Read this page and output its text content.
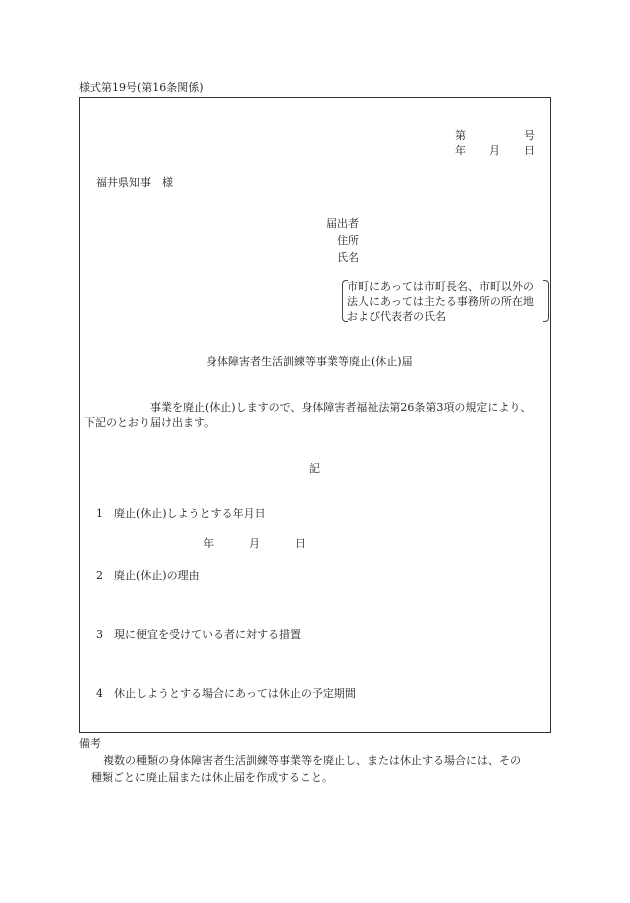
様式第19号(第16条関係)
第	号
年 月 日
福井県知事　様
届出者
住所
氏名
市町にあっては市町長名、市町以外の
法人にあっては主たる事務所の所在地
および代表者の氏名
身体障害者生活訓練等事業等廃止(休止)届
事業を廃止(休止)しますので、身体障害者福祉法第26条第3項の規定により、
下記のとおり届け出ます。
記
1 廃止(休止)しようとする年月日
年	月	日
2 廃止(休止)の理由
3 現に便宜を受けている者に対する措置
4 休止しようとする場合にあっては休止の予定期間
備考
複数の種類の身体障害者生活訓練等事業等を廃止し、または休止する場合には、その
種類ごとに廃止届または休止届を作成すること。
